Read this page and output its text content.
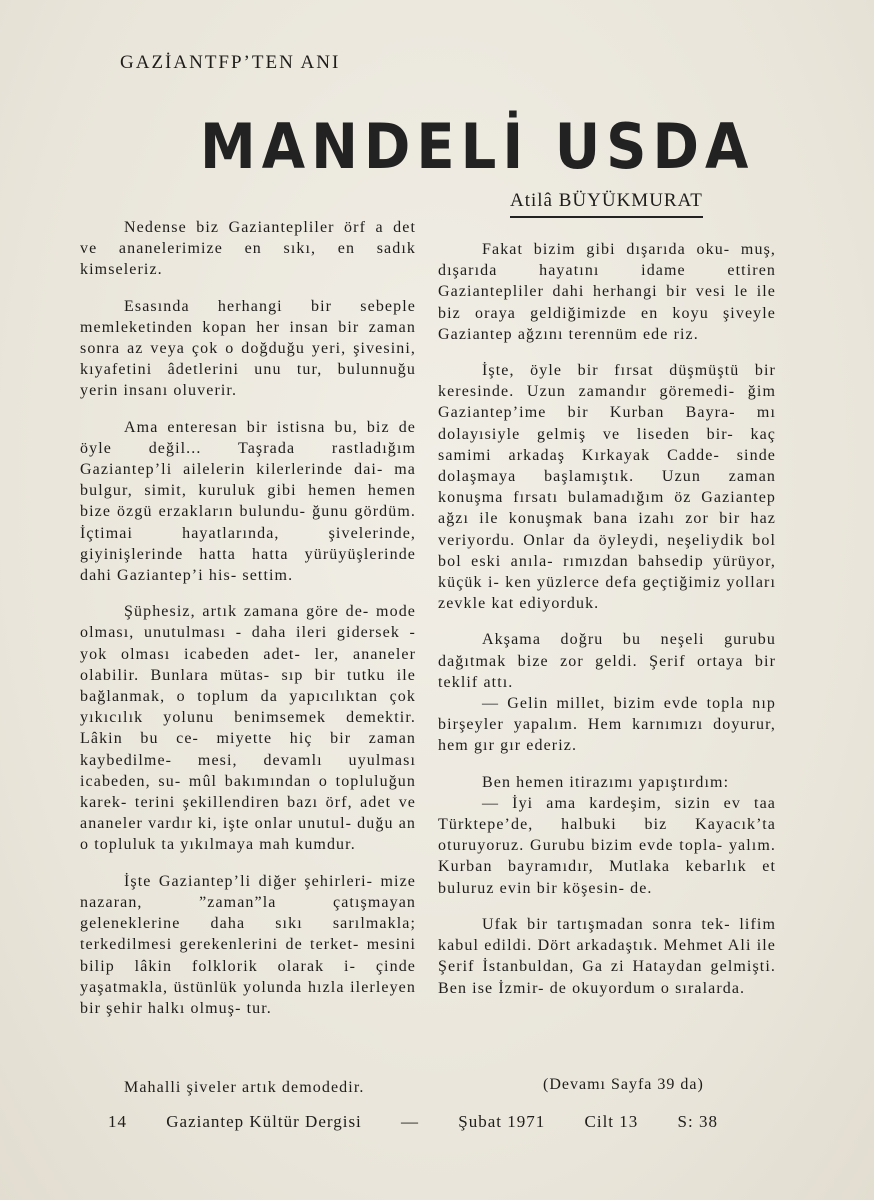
GAZİANTFP’TEN ANI
MANDELİ USDA
Atilâ BÜYÜKMURAT

Nedense biz Gaziantepliler örf a det ve ananelerimize en sıkı, en sadık kimseleriz.

Esasında herhangi bir sebeple memleketinden kopan her insan bir zaman sonra az veya çok o doğduğu yeri, şivesini, kıyafetini âdetlerini unu tur, bulunnuğu yerin insanı oluverir.

Ama enteresan bir istisna bu, biz de öyle değil... Taşrada rastladığım Gaziantep’li ailelerin kilerlerinde dai- ma bulgur, simit, kuruluk gibi hemen hemen bize özgü erzakların bulundu- ğunu gördüm. İçtimai hayatlarında, şivelerinde, giyinişlerinde hatta hatta yürüyüşlerinde dahi Gaziantep’i his- settim.

Şüphesiz, artık zamana göre de- mode olması, unutulması - daha ileri gidersek - yok olması icabeden adet- ler, ananeler olabilir. Bunlara mütas- sıp bir tutku ile bağlanmak, o toplum da yapıcılıktan çok yıkıcılık yolunu benimsemek demektir. Lâkin bu ce- miyette hiç bir zaman kaybedilme- mesi, devamlı uyulması icabeden, su- mûl bakımından o topluluğun karek- terini şekillendiren bazı örf, adet ve ananeler vardır ki, işte onlar unutul- duğu an o topluluk ta yıkılmaya mah kumdur.

İşte Gaziantep’li diğer şehirleri- mize nazaran, ”zaman”la çatışmayan geleneklerine daha sıkı sarılmakla; terkedilmesi gerekenlerini de terket- mesini bilip lâkin folklorik olarak i- çinde yaşatmakla, üstünlük yolunda hızla ilerleyen bir şehir halkı olmuş- tur.

Mahalli şiveler artık demodedir.

Fakat bizim gibi dışarıda oku- muş, dışarıda hayatını idame ettiren Gaziantepliler dahi herhangi bir vesi le ile biz oraya geldiğimizde en koyu şiveyle Gaziantep ağzını terennüm ede riz.

İşte, öyle bir fırsat düşmüştü bir keresinde. Uzun zamandır göremedi- ğim Gaziantep’ime bir Kurban Bayra- mı dolayısiyle gelmiş ve liseden bir- kaç samimi arkadaş Kırkayak Cadde- sinde dolaşmaya başlamıştık. Uzun zaman konuşma fırsatı bulamadığım öz Gaziantep ağzı ile konuşmak bana izahı zor bir haz veriyordu. Onlar da öyleydi, neşeliydik bol bol eski anıla- rımızdan bahsedip yürüyor, küçük i- ken yüzlerce defa geçtiğimiz yolları zevkle kat ediyorduk.

Akşama doğru bu neşeli gurubu dağıtmak bize zor geldi. Şerif ortaya bir teklif attı.

— Gelin millet, bizim evde topla nıp birşeyler yapalım. Hem karnımızı doyurur, hem gır gır ederiz.

Ben hemen itirazımı yapıştırdım:

— İyi ama kardeşim, sizin ev taa Türktepe’de, halbuki biz Kayacık’ta oturuyoruz. Gurubu bizim evde topla- yalım. Kurban bayramıdır, Mutlaka kebarlık et buluruz evin bir köşesin- de.

Ufak bir tartışmadan sonra tek- lifim kabul edildi. Dört arkadaştık. Mehmet Ali ile Şerif İstanbuldan, Ga zi Hataydan gelmişti. Ben ise İzmir- de okuyordum o sıralarda.

(Devamı Sayfa 39 da)
14 Gaziantep Kültür Dergisi — Şubat 1971 Cilt 13 S: 38
